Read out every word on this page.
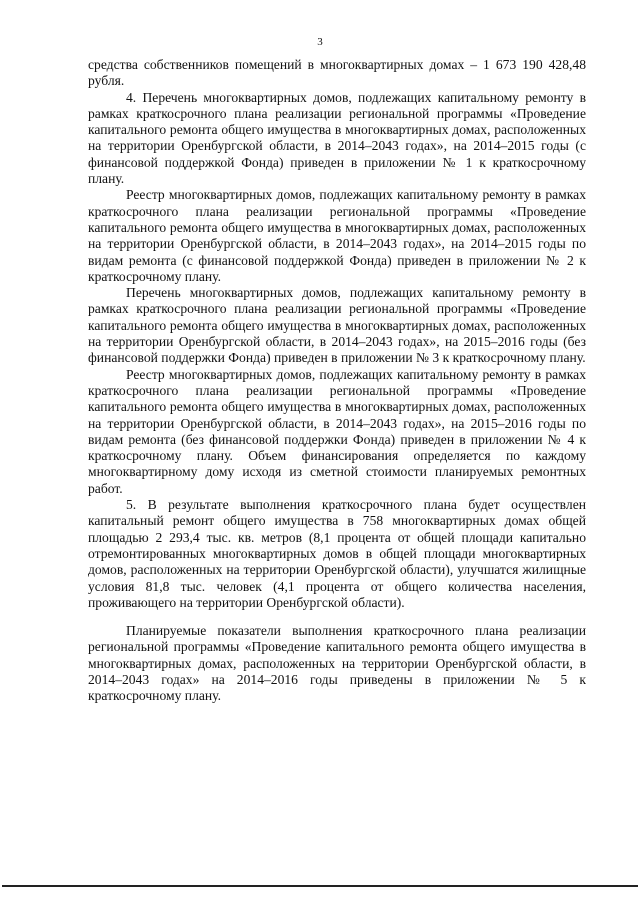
3

средства собственников помещений в многоквартирных домах – 1 673 190 428,48 рубля.

4. Перечень многоквартирных домов, подлежащих капитальному ремонту в рамках краткосрочного плана реализации региональной программы «Проведение капитального ремонта общего имущества в многоквартирных домах, расположенных на территории Оренбургской области, в 2014–2043 годах», на 2014–2015 годы (с финансовой поддержкой Фонда) приведен в приложении № 1 к краткосрочному плану.

Реестр многоквартирных домов, подлежащих капитальному ремонту в рамках краткосрочного плана реализации региональной программы «Проведение капитального ремонта общего имущества в многоквартирных домах, расположенных на территории Оренбургской области, в 2014–2043 годах», на 2014–2015 годы по видам ремонта (с финансовой поддержкой Фонда) приведен в приложении № 2 к краткосрочному плану.

Перечень многоквартирных домов, подлежащих капитальному ремонту в рамках краткосрочного плана реализации региональной программы «Проведение капитального ремонта общего имущества в многоквартирных домах, расположенных на территории Оренбургской области, в 2014–2043 годах», на 2015–2016 годы (без финансовой поддержки Фонда) приведен в приложении № 3 к краткосрочному плану.

Реестр многоквартирных домов, подлежащих капитальному ремонту в рамках краткосрочного плана реализации региональной программы «Проведение капитального ремонта общего имущества в многоквартирных домах, расположенных на территории Оренбургской области, в 2014–2043 годах», на 2015–2016 годы по видам ремонта (без финансовой поддержки Фонда) приведен в приложении № 4 к краткосрочному плану. Объем финансирования определяется по каждому многоквартирному дому исходя из сметной стоимости планируемых ремонтных работ.

5. В результате выполнения краткосрочного плана будет осуществлен капитальный ремонт общего имущества в 758 многоквартирных домах общей площадью 2 293,4 тыс. кв. метров (8,1 процента от общей площади капитально отремонтированных многоквартирных домов в общей площади многоквартирных домов, расположенных на территории Оренбургской области), улучшатся жилищные условия 81,8 тыс. человек (4,1 процента от общего количества населения, проживающего на территории Оренбургской области).

Планируемые показатели выполнения краткосрочного плана реализации региональной программы «Проведение капитального ремонта общего имущества в многоквартирных домах, расположенных на территории Оренбургской области, в 2014–2043 годах» на 2014–2016 годы приведены в приложении № 5 к краткосрочному плану.
